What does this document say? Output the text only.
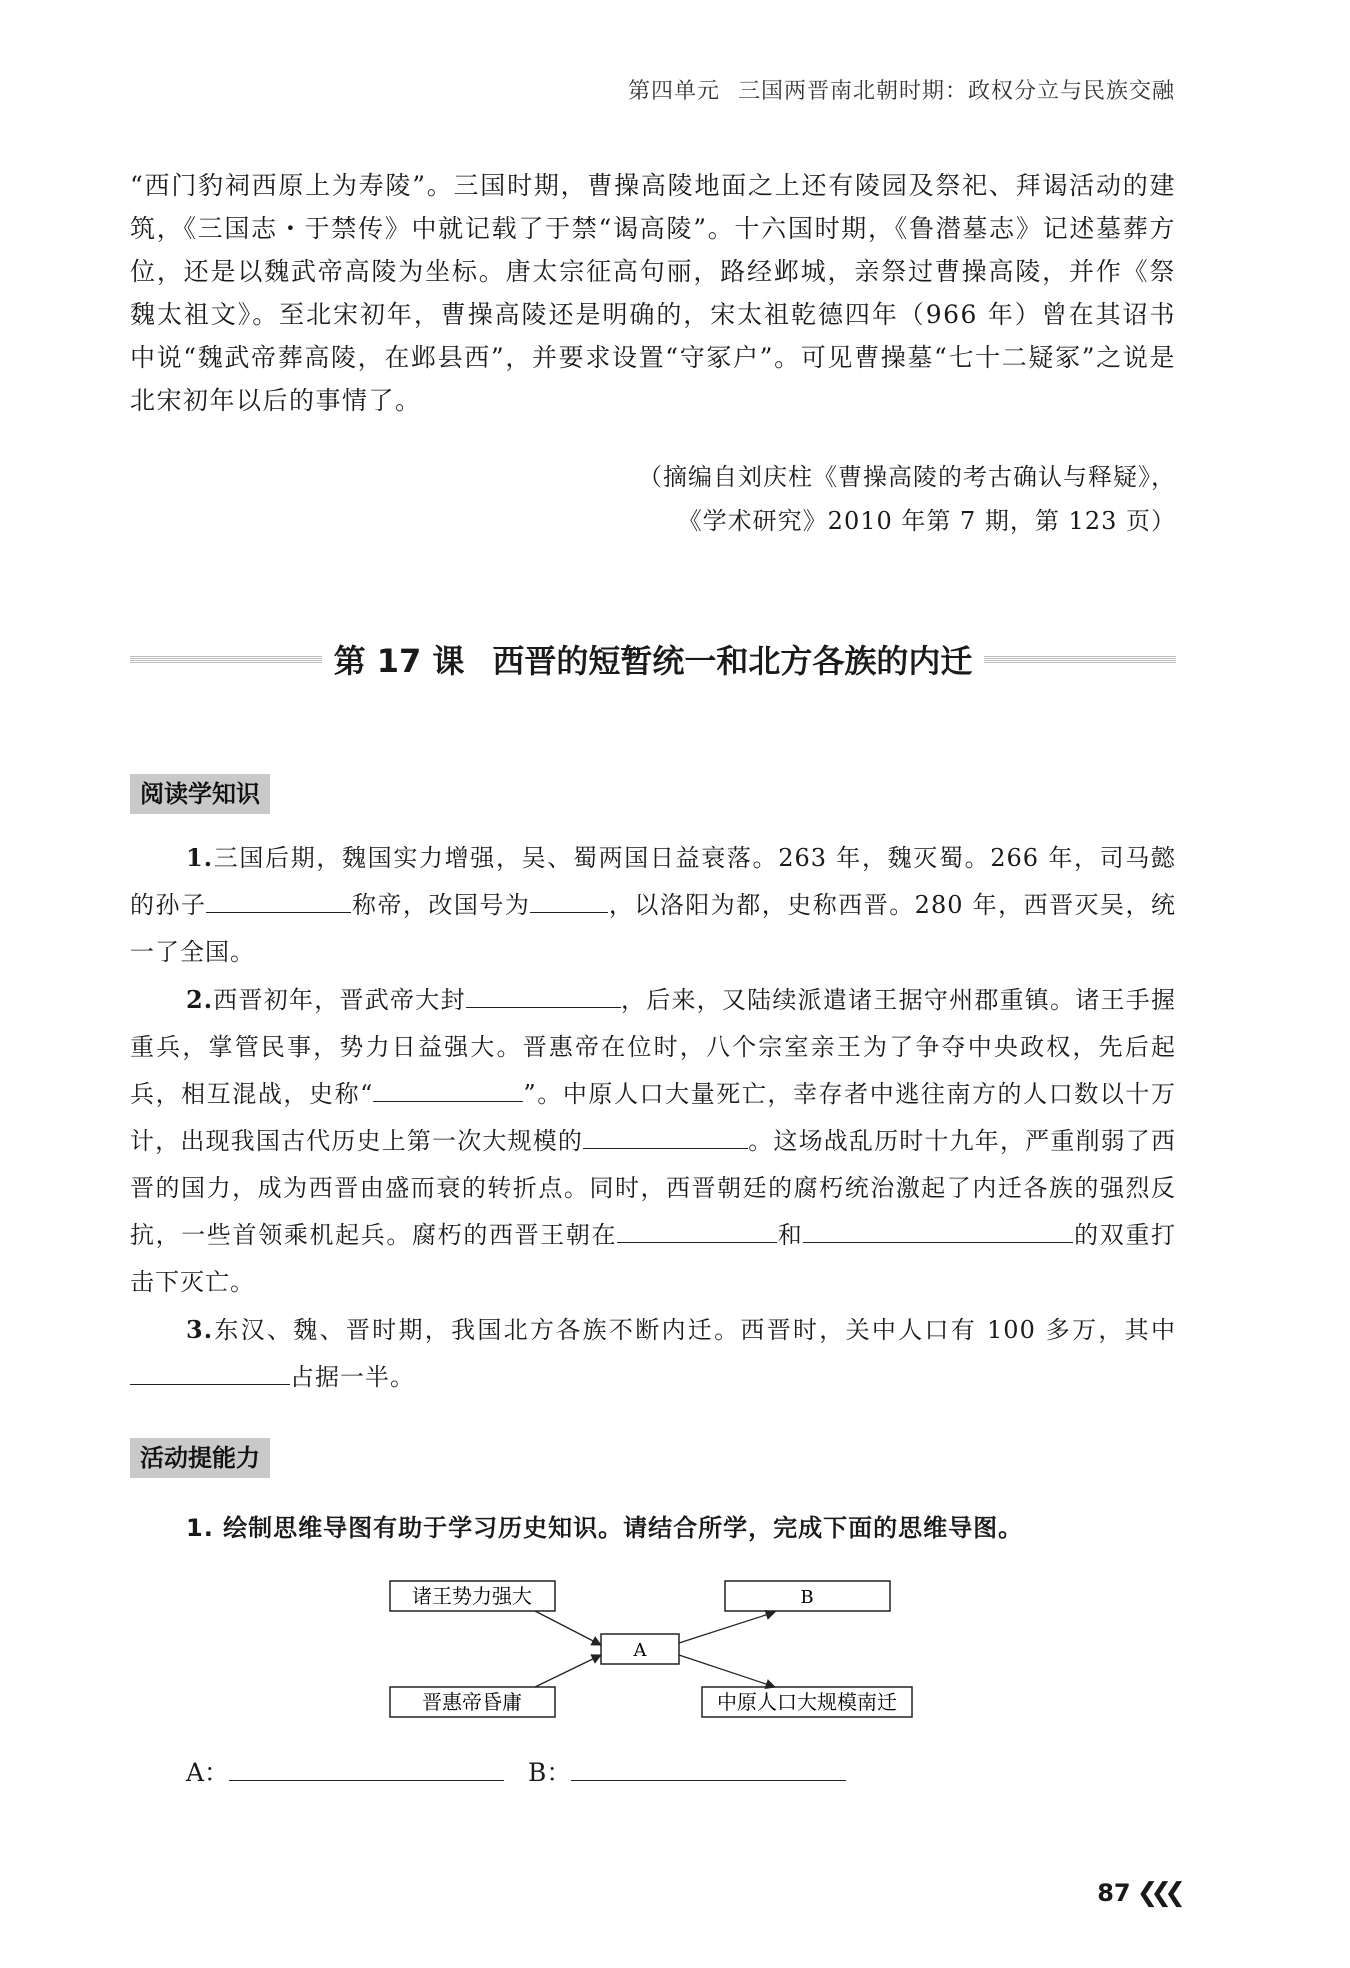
第四单元 三国两晋南北朝时期：政权分立与民族交融

“西门豹祠西原上为寿陵”。三国时期，曹操高陵地面之上还有陵园及祭祀、拜谒活动的建筑，《三国志・于禁传》中就记载了于禁“谒高陵”。十六国时期，《鲁潜墓志》记述墓葬方位，还是以魏武帝高陵为坐标。唐太宗征高句丽，路经邺城，亲祭过曹操高陵，并作《祭魏太祖文》。至北宋初年，曹操高陵还是明确的，宋太祖乾德四年（966 年）曾在其诏书中说“魏武帝葬高陵，在邺县西”，并要求设置“守冢户”。可见曹操墓“七十二疑冢”之说是北宋初年以后的事情了。

（摘编自刘庆柱《曹操高陵的考古确认与释疑》，
《学术研究》2010 年第 7 期，第 123 页）
第 17 课 西晋的短暂统一和北方各族的内迁
阅读学知识

1.三国后期，魏国实力增强，吴、蜀两国日益衰落。263 年，魏灭蜀。266 年，司马懿的孙子	称帝，改国号为	，以洛阳为都，史称西晋。280 年，西晋灭吴，统一了全国。

2.西晋初年，晋武帝大封	，后来，又陆续派遣诸王据守州郡重镇。诸王手握重兵，掌管民事，势力日益强大。晋惠帝在位时，八个宗室亲王为了争夺中央政权，先后起兵，相互混战，史称“	”。中原人口大量死亡，幸存者中逃往南方的人口数以十万计，出现我国古代历史上第一次大规模的	。这场战乱历时十九年，严重削弱了西晋的国力，成为西晋由盛而衰的转折点。同时，西晋朝廷的腐朽统治激起了内迁各族的强烈反抗，一些首领乘机起兵。腐朽的西晋王朝在	和	的双重打击下灭亡。

3.东汉、魏、晋时期，我国北方各族不断内迁。西晋时，关中人口有 100 多万，其中占据一半。

活动提能力
1. 绘制思维导图有助于学习历史知识。请结合所学，完成下面的思维导图。
诸王势力强大
晋惠帝昏庸
A
B
中原人口大规模南迁
A：	B：
87 ❮❮❮
